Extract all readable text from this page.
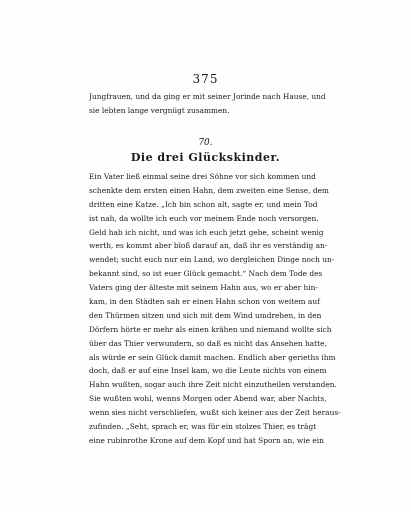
375
Jungfrauen, und da ging er mit seiner Jorinde nach Hause, und
sie lebten lange vergnügt zusammen.
70.
Die drei Glückskinder.
Ein Vater ließ einmal seine drei Söhne vor sich kommen und
schenkte dem ersten einen Hahn, dem zweiten eine Sense, dem
dritten eine Katze. „Ich bin schon alt, sagte er, und mein Tod
ist nah, da wollte ich euch vor meinem Ende noch versorgen.
Geld hab ich nicht, und was ich euch jetzt gebe, scheint wenig
werth, es kommt aber bloß darauf an, daß ihr es verständig an-
wendet; sucht euch nur ein Land, wo dergleichen Dinge noch un-
bekannt sind, so ist euer Glück gemacht.“ Nach dem Tode des
Vaters ging der älteste mit seinem Hahn aus, wo er aber hin-
kam, in den Städten sah er einen Hahn schon von weitem auf
den Thürmen sitzen und sich mit dem Wind umdrehen, in den
Dörfern hörte er mehr als einen krähen und niemand wollte sich
über das Thier verwundern, so daß es nicht das Ansehen hatte,
als würde er sein Glück damit machen. Endlich aber gerieths ihm
doch, daß er auf eine Insel kam, wo die Leute nichts von einem
Hahn wußten, sogar auch ihre Zeit nicht einzutheilen verstanden.
Sie wußten wohl, wenns Morgen oder Abend war, aber Nachts,
wenn sies nicht verschliefen, wußt sich keiner aus der Zeit heraus-
zufinden. „Seht, sprach er, was für ein stolzes Thier, es trägt
eine rubinrothe Krone auf dem Kopf und hat Sporn an, wie ein
